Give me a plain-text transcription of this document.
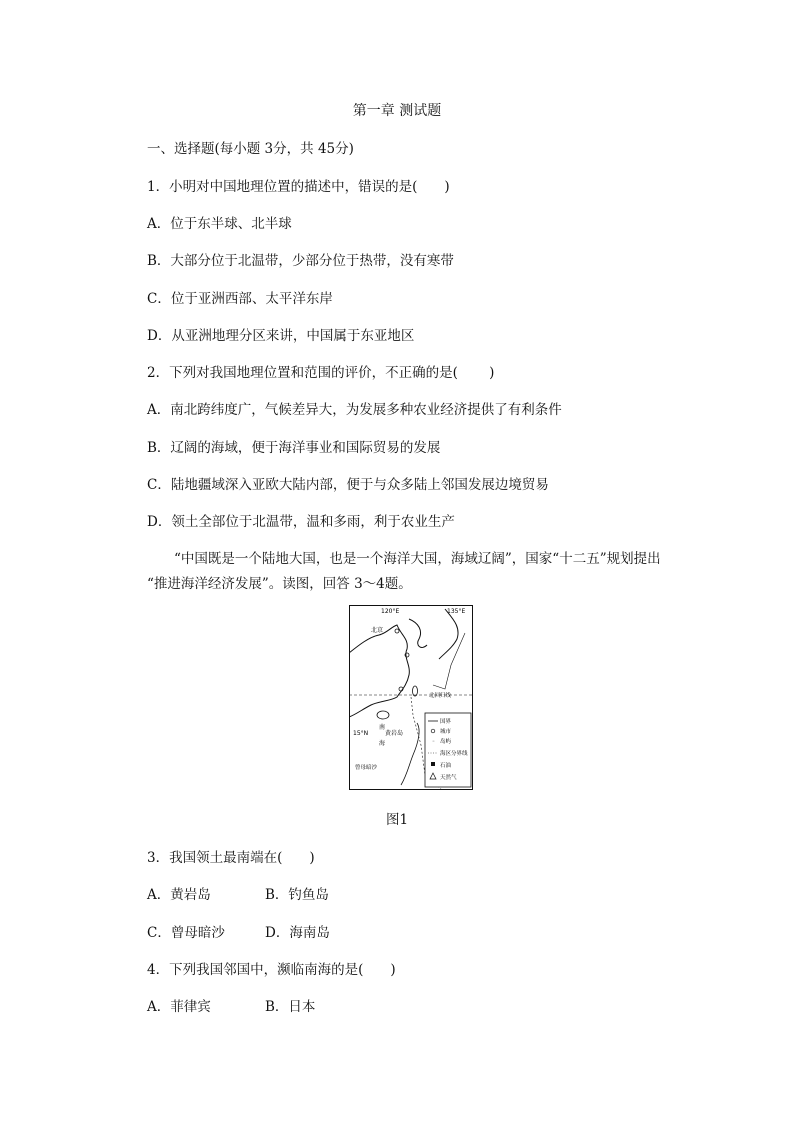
第一章 测试题
一、选择题(每小题 3分，共 45分)
1．小明对中国地理位置的描述中，错误的是(　　)
A．位于东半球、北半球
B．大部分位于北温带，少部分位于热带，没有寒带
C．位于亚洲西部、太平洋东岸
D．从亚洲地理分区来讲，中国属于东亚地区
2．下列对我国地理位置和范围的评价，不正确的是(　　 )
A．南北跨纬度广，气候差异大，为发展多种农业经济提供了有利条件
B．辽阔的海域，便于海洋事业和国际贸易的发展
C．陆地疆域深入亚欧大陆内部，便于与众多陆上邻国发展边境贸易
D．领土全部位于北温带，温和多雨，利于农业生产
“中国既是一个陆地大国，也是一个海洋大国，海域辽阔”，国家“十二五”规划提出
“推进海洋经济发展”。读图，回答 3～4题。
120°E	135°E
北京
北回归线
南
15°N	黄岩岛
海
曾母暗沙
国界
城市
◦ 岛屿
海区分界线
石油
天然气
图1
3．我国领土最南端在(　　)
A．黄岩岛	B．钓鱼岛
C．曾母暗沙	D．海南岛
4．下列我国邻国中，濒临南海的是(　　)
A．菲律宾	B．日本
